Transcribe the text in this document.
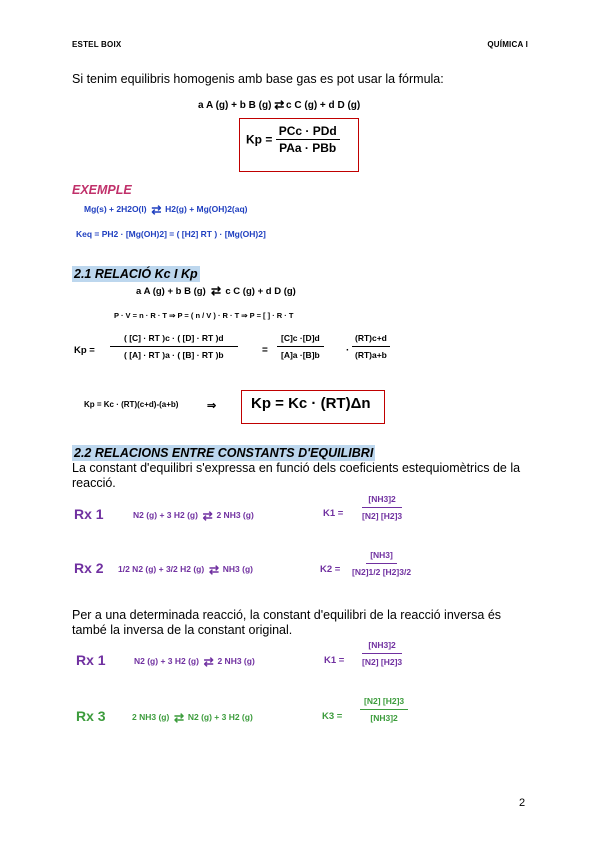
ESTEL BOIX	QUÍMICA I
Si tenim equilibris homogenis amb base gas es pot usar la fórmula:
a A (g) + b B (g) ⇄ c C (g) + d D (g)
$Kp = \frac{\text{PCc · PDd}}{\text{PAa · PBb}}$
EXEMPLE
Mg(s) + 2H2O(l) ⇄ H2(g) + Mg(OH)2(aq)
Keq = PH2 · [Mg(OH)2] = ( [H2] RT ) · [Mg(OH)2]
2.1 RELACIÓ Kc I Kp
a A (g) + b B (g) ⇄ c C (g) + d D (g)
P · V = n · R · T ⇒ P = ( n / V ) · R · T ⇒ P = [ ] · R · T
$Kp = \frac{( [C] \cdot RT )c \cdot ( [D] \cdot RT )d}{( [A] \cdot RT )a \cdot ( [B] \cdot RT )b} = \frac{[C]c \cdot[D]d}{[A]a \cdot[B]b} \cdot \frac{(RT)c+d}{(RT)a+b}$
Kp = Kc · (RT)(c+d)-(a+b)	⇒ Kp = Kc · (RT)Δn
2.2 RELACIONS ENTRE CONSTANTS D'EQUILIBRI
La constant d'equilibri s'expressa en funció dels coeficients estequiomètrics de la reacció.
Rx 1	N2 (g) + 3 H2 (g) ⇄ 2 NH3 (g)	$K1 = \frac{[NH3]2}{[N2] [H2]3}$
Rx 2 1/2 N2 (g) + 3/2 H2 (g) ⇄ NH3 (g)	$K2 = \frac{[NH3]}{[N2]1/2 [H2]3/2}$
Per a una determinada reacció, la constant d'equilibri de la reacció inversa és també la inversa de la constant original.
Rx 1	N2 (g) + 3 H2 (g) ⇄ 2 NH3 (g)	$K1 = \frac{[NH3]2}{[N2] [H2]3}$
Rx 3	2 NH3 (g) ⇄ N2 (g) + 3 H2 (g)	$K3 = \frac{[N2] [H2]3}{[NH3]2}$
2
